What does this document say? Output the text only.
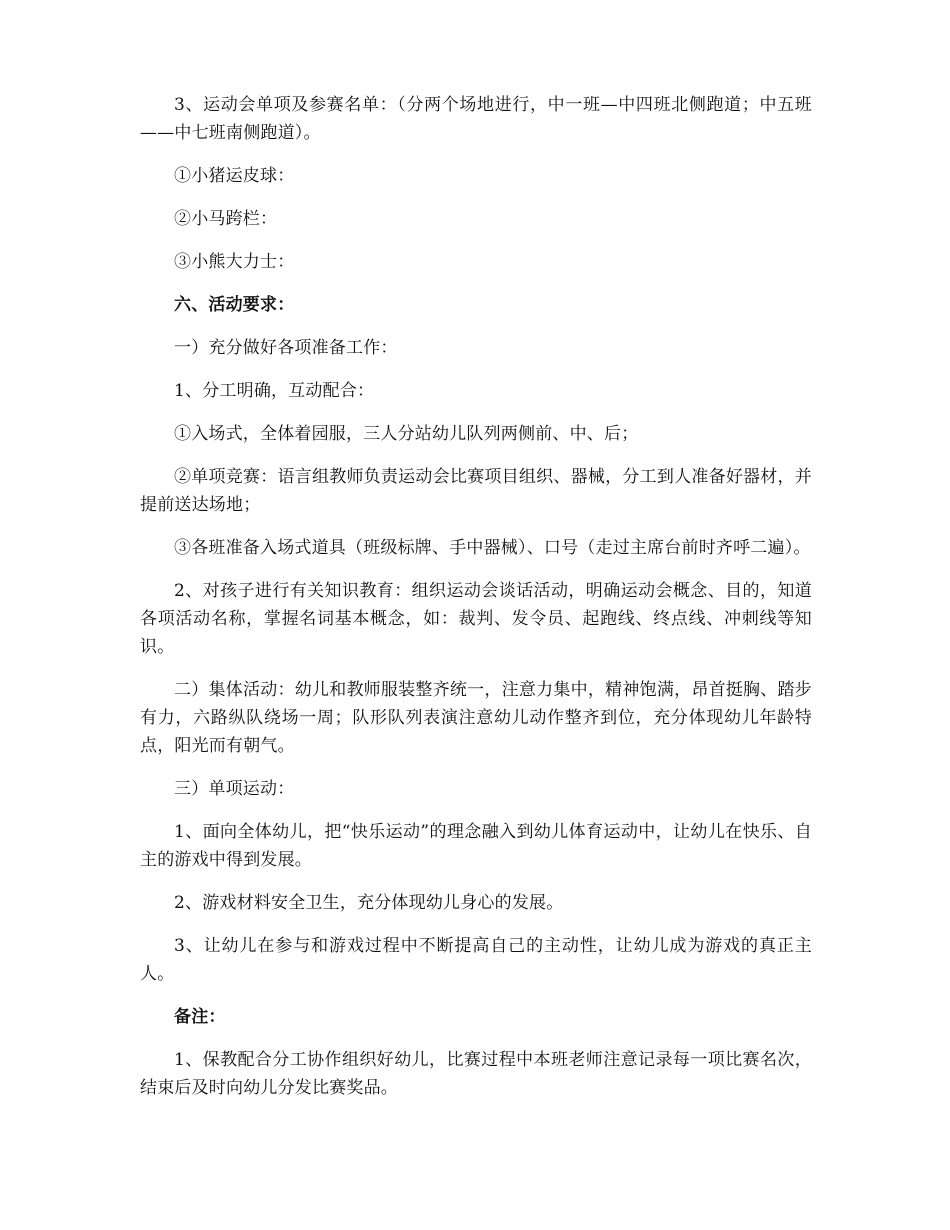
3、运动会单项及参赛名单：（分两个场地进行，中一班—中四班北侧跑道；中五班——中七班南侧跑道）。

①小猪运皮球：

②小马跨栏：

③小熊大力士：

六、活动要求：

一）充分做好各项准备工作：

1、分工明确，互动配合：

①入场式，全体着园服，三人分站幼儿队列两侧前、中、后；

②单项竞赛：语言组教师负责运动会比赛项目组织、器械，分工到人准备好器材，并提前送达场地；

③各班准备入场式道具（班级标牌、手中器械）、口号（走过主席台前时齐呼二遍）。

2、对孩子进行有关知识教育：组织运动会谈话活动，明确运动会概念、目的，知道各项活动名称，掌握名词基本概念，如：裁判、发令员、起跑线、终点线、冲刺线等知识。

二）集体活动：幼儿和教师服装整齐统一，注意力集中，精神饱满，昂首挺胸、踏步有力，六路纵队绕场一周；队形队列表演注意幼儿动作整齐到位，充分体现幼儿年龄特点，阳光而有朝气。

三）单项运动：

1、面向全体幼儿，把“快乐运动”的理念融入到幼儿体育运动中，让幼儿在快乐、自主的游戏中得到发展。

2、游戏材料安全卫生，充分体现幼儿身心的发展。

3、让幼儿在参与和游戏过程中不断提高自己的主动性，让幼儿成为游戏的真正主人。

备注：

1、保教配合分工协作组织好幼儿，比赛过程中本班老师注意记录每一项比赛名次，结束后及时向幼儿分发比赛奖品。
